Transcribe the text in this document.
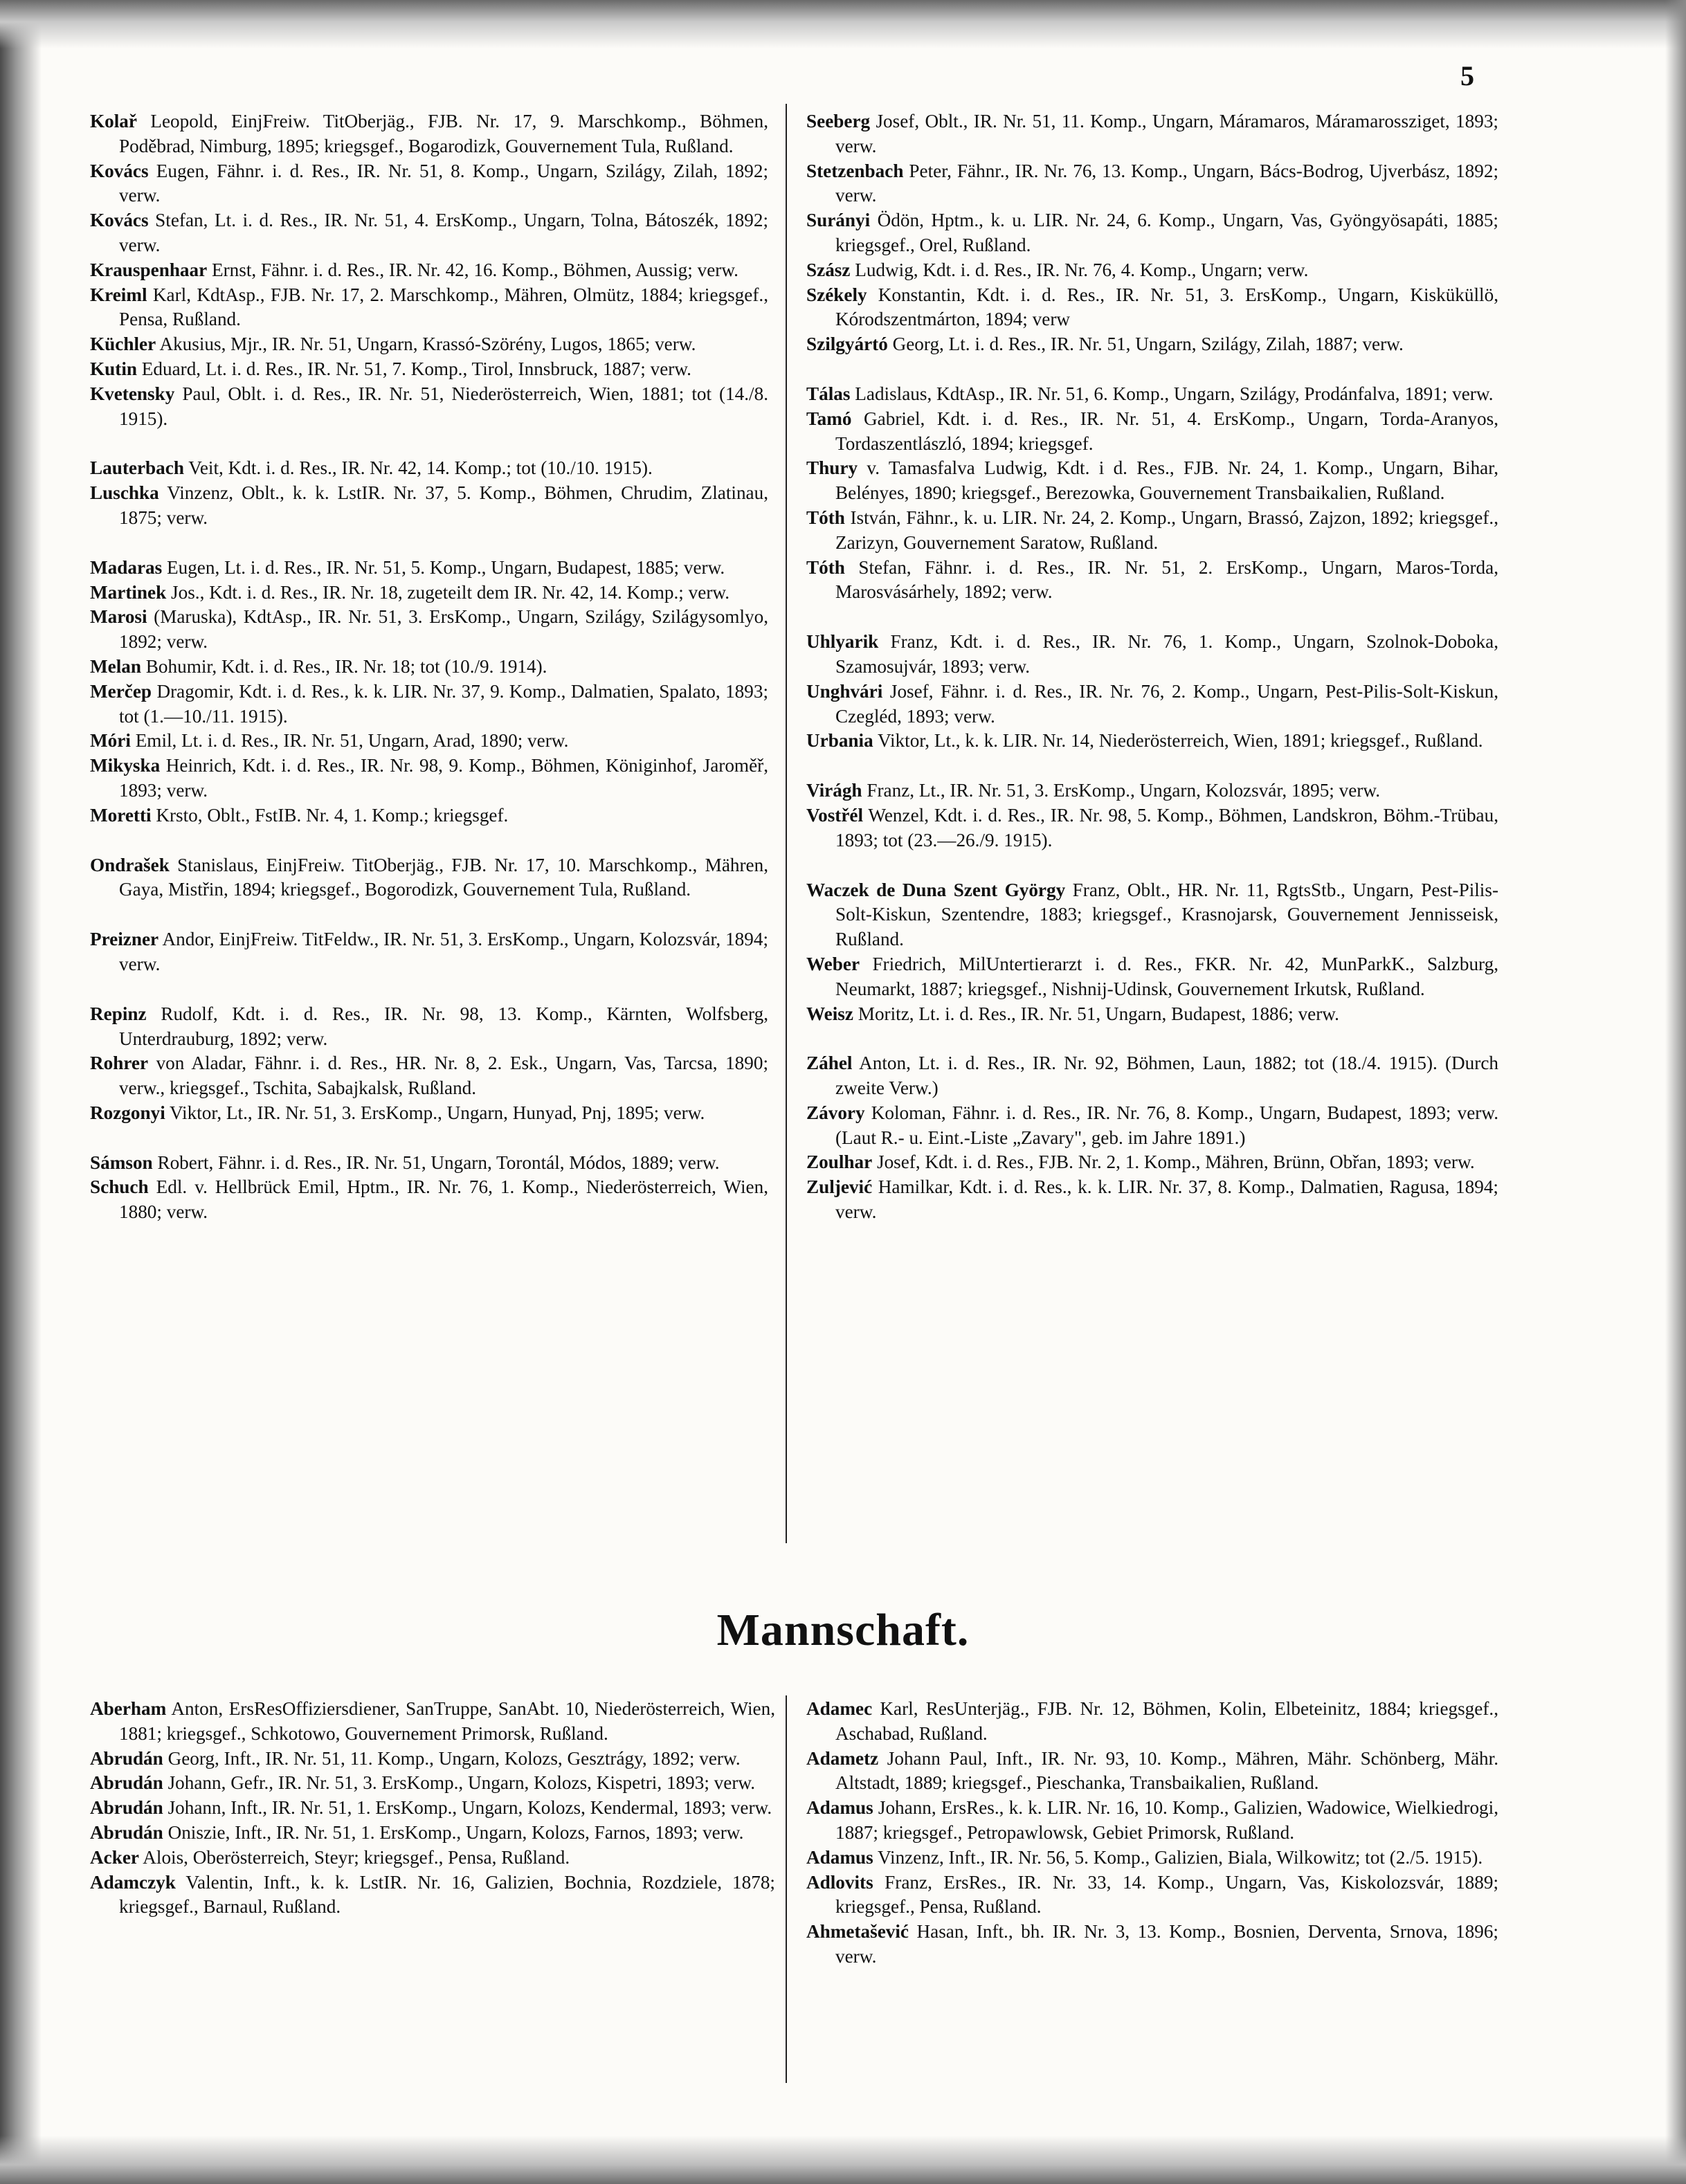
5

Kolař Leopold, EinjFreiw. TitOberjäg., FJB. Nr. 17, 9. Marschkomp., Böhmen, Poděbrad, Nimburg, 1895; kriegsgef., Bogarodizk, Gouvernement Tula, Rußland.

Kovács Eugen, Fähnr. i. d. Res., IR. Nr. 51, 8. Komp., Ungarn, Szilágy, Zilah, 1892; verw.

Kovács Stefan, Lt. i. d. Res., IR. Nr. 51, 4. ErsKomp., Ungarn, Tolna, Bátoszék, 1892; verw.

Krauspenhaar Ernst, Fähnr. i. d. Res., IR. Nr. 42, 16. Komp., Böhmen, Aussig; verw.

Kreiml Karl, KdtAsp., FJB. Nr. 17, 2. Marschkomp., Mähren, Olmütz, 1884; kriegsgef., Pensa, Rußland.

Küchler Akusius, Mjr., IR. Nr. 51, Ungarn, Krassó-Szörény, Lugos, 1865; verw.

Kutin Eduard, Lt. i. d. Res., IR. Nr. 51, 7. Komp., Tirol, Innsbruck, 1887; verw.

Kvetensky Paul, Oblt. i. d. Res., IR. Nr. 51, Niederösterreich, Wien, 1881; tot (14./8. 1915).

Lauterbach Veit, Kdt. i. d. Res., IR. Nr. 42, 14. Komp.; tot (10./10. 1915).

Luschka Vinzenz, Oblt., k. k. LstIR. Nr. 37, 5. Komp., Böhmen, Chrudim, Zlatinau, 1875; verw.

Madaras Eugen, Lt. i. d. Res., IR. Nr. 51, 5. Komp., Ungarn, Budapest, 1885; verw.

Martinek Jos., Kdt. i. d. Res., IR. Nr. 18, zugeteilt dem IR. Nr. 42, 14. Komp.; verw.

Marosi (Maruska), KdtAsp., IR. Nr. 51, 3. ErsKomp., Ungarn, Szilágy, Szilágysomlyo, 1892; verw.

Melan Bohumir, Kdt. i. d. Res., IR. Nr. 18; tot (10./9. 1914).

Merčep Dragomir, Kdt. i. d. Res., k. k. LIR. Nr. 37, 9. Komp., Dalmatien, Spalato, 1893; tot (1.—10./11. 1915).

Móri Emil, Lt. i. d. Res., IR. Nr. 51, Ungarn, Arad, 1890; verw.

Mikyska Heinrich, Kdt. i. d. Res., IR. Nr. 98, 9. Komp., Böhmen, Königinhof, Jaroměř, 1893; verw.

Moretti Krsto, Oblt., FstIB. Nr. 4, 1. Komp.; kriegsgef.

Ondrašek Stanislaus, EinjFreiw. TitOberjäg., FJB. Nr. 17, 10. Marschkomp., Mähren, Gaya, Mistřin, 1894; kriegsgef., Bogorodizk, Gouvernement Tula, Rußland.

Preizner Andor, EinjFreiw. TitFeldw., IR. Nr. 51, 3. ErsKomp., Ungarn, Kolozsvár, 1894; verw.

Repinz Rudolf, Kdt. i. d. Res., IR. Nr. 98, 13. Komp., Kärnten, Wolfsberg, Unterdrauburg, 1892; verw.

Rohrer von Aladar, Fähnr. i. d. Res., HR. Nr. 8, 2. Esk., Ungarn, Vas, Tarcsa, 1890; verw., kriegsgef., Tschita, Sabajkalsk, Rußland.

Rozgonyi Viktor, Lt., IR. Nr. 51, 3. ErsKomp., Ungarn, Hunyad, Pnj, 1895; verw.

Sámson Robert, Fähnr. i. d. Res., IR. Nr. 51, Ungarn, Torontál, Módos, 1889; verw.

Schuch Edl. v. Hellbrück Emil, Hptm., IR. Nr. 76, 1. Komp., Niederösterreich, Wien, 1880; verw.

Seeberg Josef, Oblt., IR. Nr. 51, 11. Komp., Ungarn, Máramaros, Máramarossziget, 1893; verw.

Stetzenbach Peter, Fähnr., IR. Nr. 76, 13. Komp., Ungarn, Bács-Bodrog, Ujverbász, 1892; verw.

Surányi Ödön, Hptm., k. u. LIR. Nr. 24, 6. Komp., Ungarn, Vas, Gyöngyösapáti, 1885; kriegsgef., Orel, Rußland.

Szász Ludwig, Kdt. i. d. Res., IR. Nr. 76, 4. Komp., Ungarn; verw.

Székely Konstantin, Kdt. i. d. Res., IR. Nr. 51, 3. ErsKomp., Ungarn, Kisküküllö, Kórodszentmárton, 1894; verw

Szilgyártó Georg, Lt. i. d. Res., IR. Nr. 51, Ungarn, Szilágy, Zilah, 1887; verw.

Tálas Ladislaus, KdtAsp., IR. Nr. 51, 6. Komp., Ungarn, Szilágy, Prodánfalva, 1891; verw.

Tamó Gabriel, Kdt. i. d. Res., IR. Nr. 51, 4. ErsKomp., Ungarn, Torda-Aranyos, Tordaszentlászló, 1894; kriegsgef.

Thury v. Tamasfalva Ludwig, Kdt. i d. Res., FJB. Nr. 24, 1. Komp., Ungarn, Bihar, Belényes, 1890; kriegsgef., Berezowka, Gouvernement Transbaikalien, Rußland.

Tóth István, Fähnr., k. u. LIR. Nr. 24, 2. Komp., Ungarn, Brassó, Zajzon, 1892; kriegsgef., Zarizyn, Gouvernement Saratow, Rußland.

Tóth Stefan, Fähnr. i. d. Res., IR. Nr. 51, 2. ErsKomp., Ungarn, Maros-Torda, Marosvásárhely, 1892; verw.

Uhlyarik Franz, Kdt. i. d. Res., IR. Nr. 76, 1. Komp., Ungarn, Szolnok-Doboka, Szamosujvár, 1893; verw.

Unghvári Josef, Fähnr. i. d. Res., IR. Nr. 76, 2. Komp., Ungarn, Pest-Pilis-Solt-Kiskun, Czegléd, 1893; verw.

Urbania Viktor, Lt., k. k. LIR. Nr. 14, Niederösterreich, Wien, 1891; kriegsgef., Rußland.

Virágh Franz, Lt., IR. Nr. 51, 3. ErsKomp., Ungarn, Kolozsvár, 1895; verw.

Vostřél Wenzel, Kdt. i. d. Res., IR. Nr. 98, 5. Komp., Böhmen, Landskron, Böhm.-Trübau, 1893; tot (23.—26./9. 1915).

Waczek de Duna Szent György Franz, Oblt., HR. Nr. 11, RgtsStb., Ungarn, Pest-Pilis-Solt-Kiskun, Szentendre, 1883; kriegsgef., Krasnojarsk, Gouvernement Jennisseisk, Rußland.

Weber Friedrich, MilUntertierarzt i. d. Res., FKR. Nr. 42, MunParkK., Salzburg, Neumarkt, 1887; kriegsgef., Nishnij-Udinsk, Gouvernement Irkutsk, Rußland.

Weisz Moritz, Lt. i. d. Res., IR. Nr. 51, Ungarn, Budapest, 1886; verw.

Záhel Anton, Lt. i. d. Res., IR. Nr. 92, Böhmen, Laun, 1882; tot (18./4. 1915). (Durch zweite Verw.)

Závory Koloman, Fähnr. i. d. Res., IR. Nr. 76, 8. Komp., Ungarn, Budapest, 1893; verw. (Laut R.- u. Eint.-Liste „Zavary", geb. im Jahre 1891.)

Zoulhar Josef, Kdt. i. d. Res., FJB. Nr. 2, 1. Komp., Mähren, Brünn, Obřan, 1893; verw.

Zuljević Hamilkar, Kdt. i. d. Res., k. k. LIR. Nr. 37, 8. Komp., Dalmatien, Ragusa, 1894; verw.

Mannschaft.

Aberham Anton, ErsResOffiziersdiener, SanTruppe, SanAbt. 10, Niederösterreich, Wien, 1881; kriegsgef., Schkotowo, Gouvernement Primorsk, Rußland.

Abrudán Georg, Inft., IR. Nr. 51, 11. Komp., Ungarn, Kolozs, Gesztrágy, 1892; verw.

Abrudán Johann, Gefr., IR. Nr. 51, 3. ErsKomp., Ungarn, Kolozs, Kispetri, 1893; verw.

Abrudán Johann, Inft., IR. Nr. 51, 1. ErsKomp., Ungarn, Kolozs, Kendermal, 1893; verw.

Abrudán Oniszie, Inft., IR. Nr. 51, 1. ErsKomp., Ungarn, Kolozs, Farnos, 1893; verw.

Acker Alois, Oberösterreich, Steyr; kriegsgef., Pensa, Rußland.

Adamczyk Valentin, Inft., k. k. LstIR. Nr. 16, Galizien, Bochnia, Rozdziele, 1878; kriegsgef., Barnaul, Rußland.

Adamec Karl, ResUnterjäg., FJB. Nr. 12, Böhmen, Kolin, Elbeteinitz, 1884; kriegsgef., Aschabad, Rußland.

Adametz Johann Paul, Inft., IR. Nr. 93, 10. Komp., Mähren, Mähr. Schönberg, Mähr. Altstadt, 1889; kriegsgef., Pieschanka, Transbaikalien, Rußland.

Adamus Johann, ErsRes., k. k. LIR. Nr. 16, 10. Komp., Galizien, Wadowice, Wielkiedrogi, 1887; kriegsgef., Petropawlowsk, Gebiet Primorsk, Rußland.

Adamus Vinzenz, Inft., IR. Nr. 56, 5. Komp., Galizien, Biala, Wilkowitz; tot (2./5. 1915).

Adlovits Franz, ErsRes., IR. Nr. 33, 14. Komp., Ungarn, Vas, Kiskolozsvár, 1889; kriegsgef., Pensa, Rußland.

Ahmetašević Hasan, Inft., bh. IR. Nr. 3, 13. Komp., Bosnien, Derventa, Srnova, 1896; verw.
